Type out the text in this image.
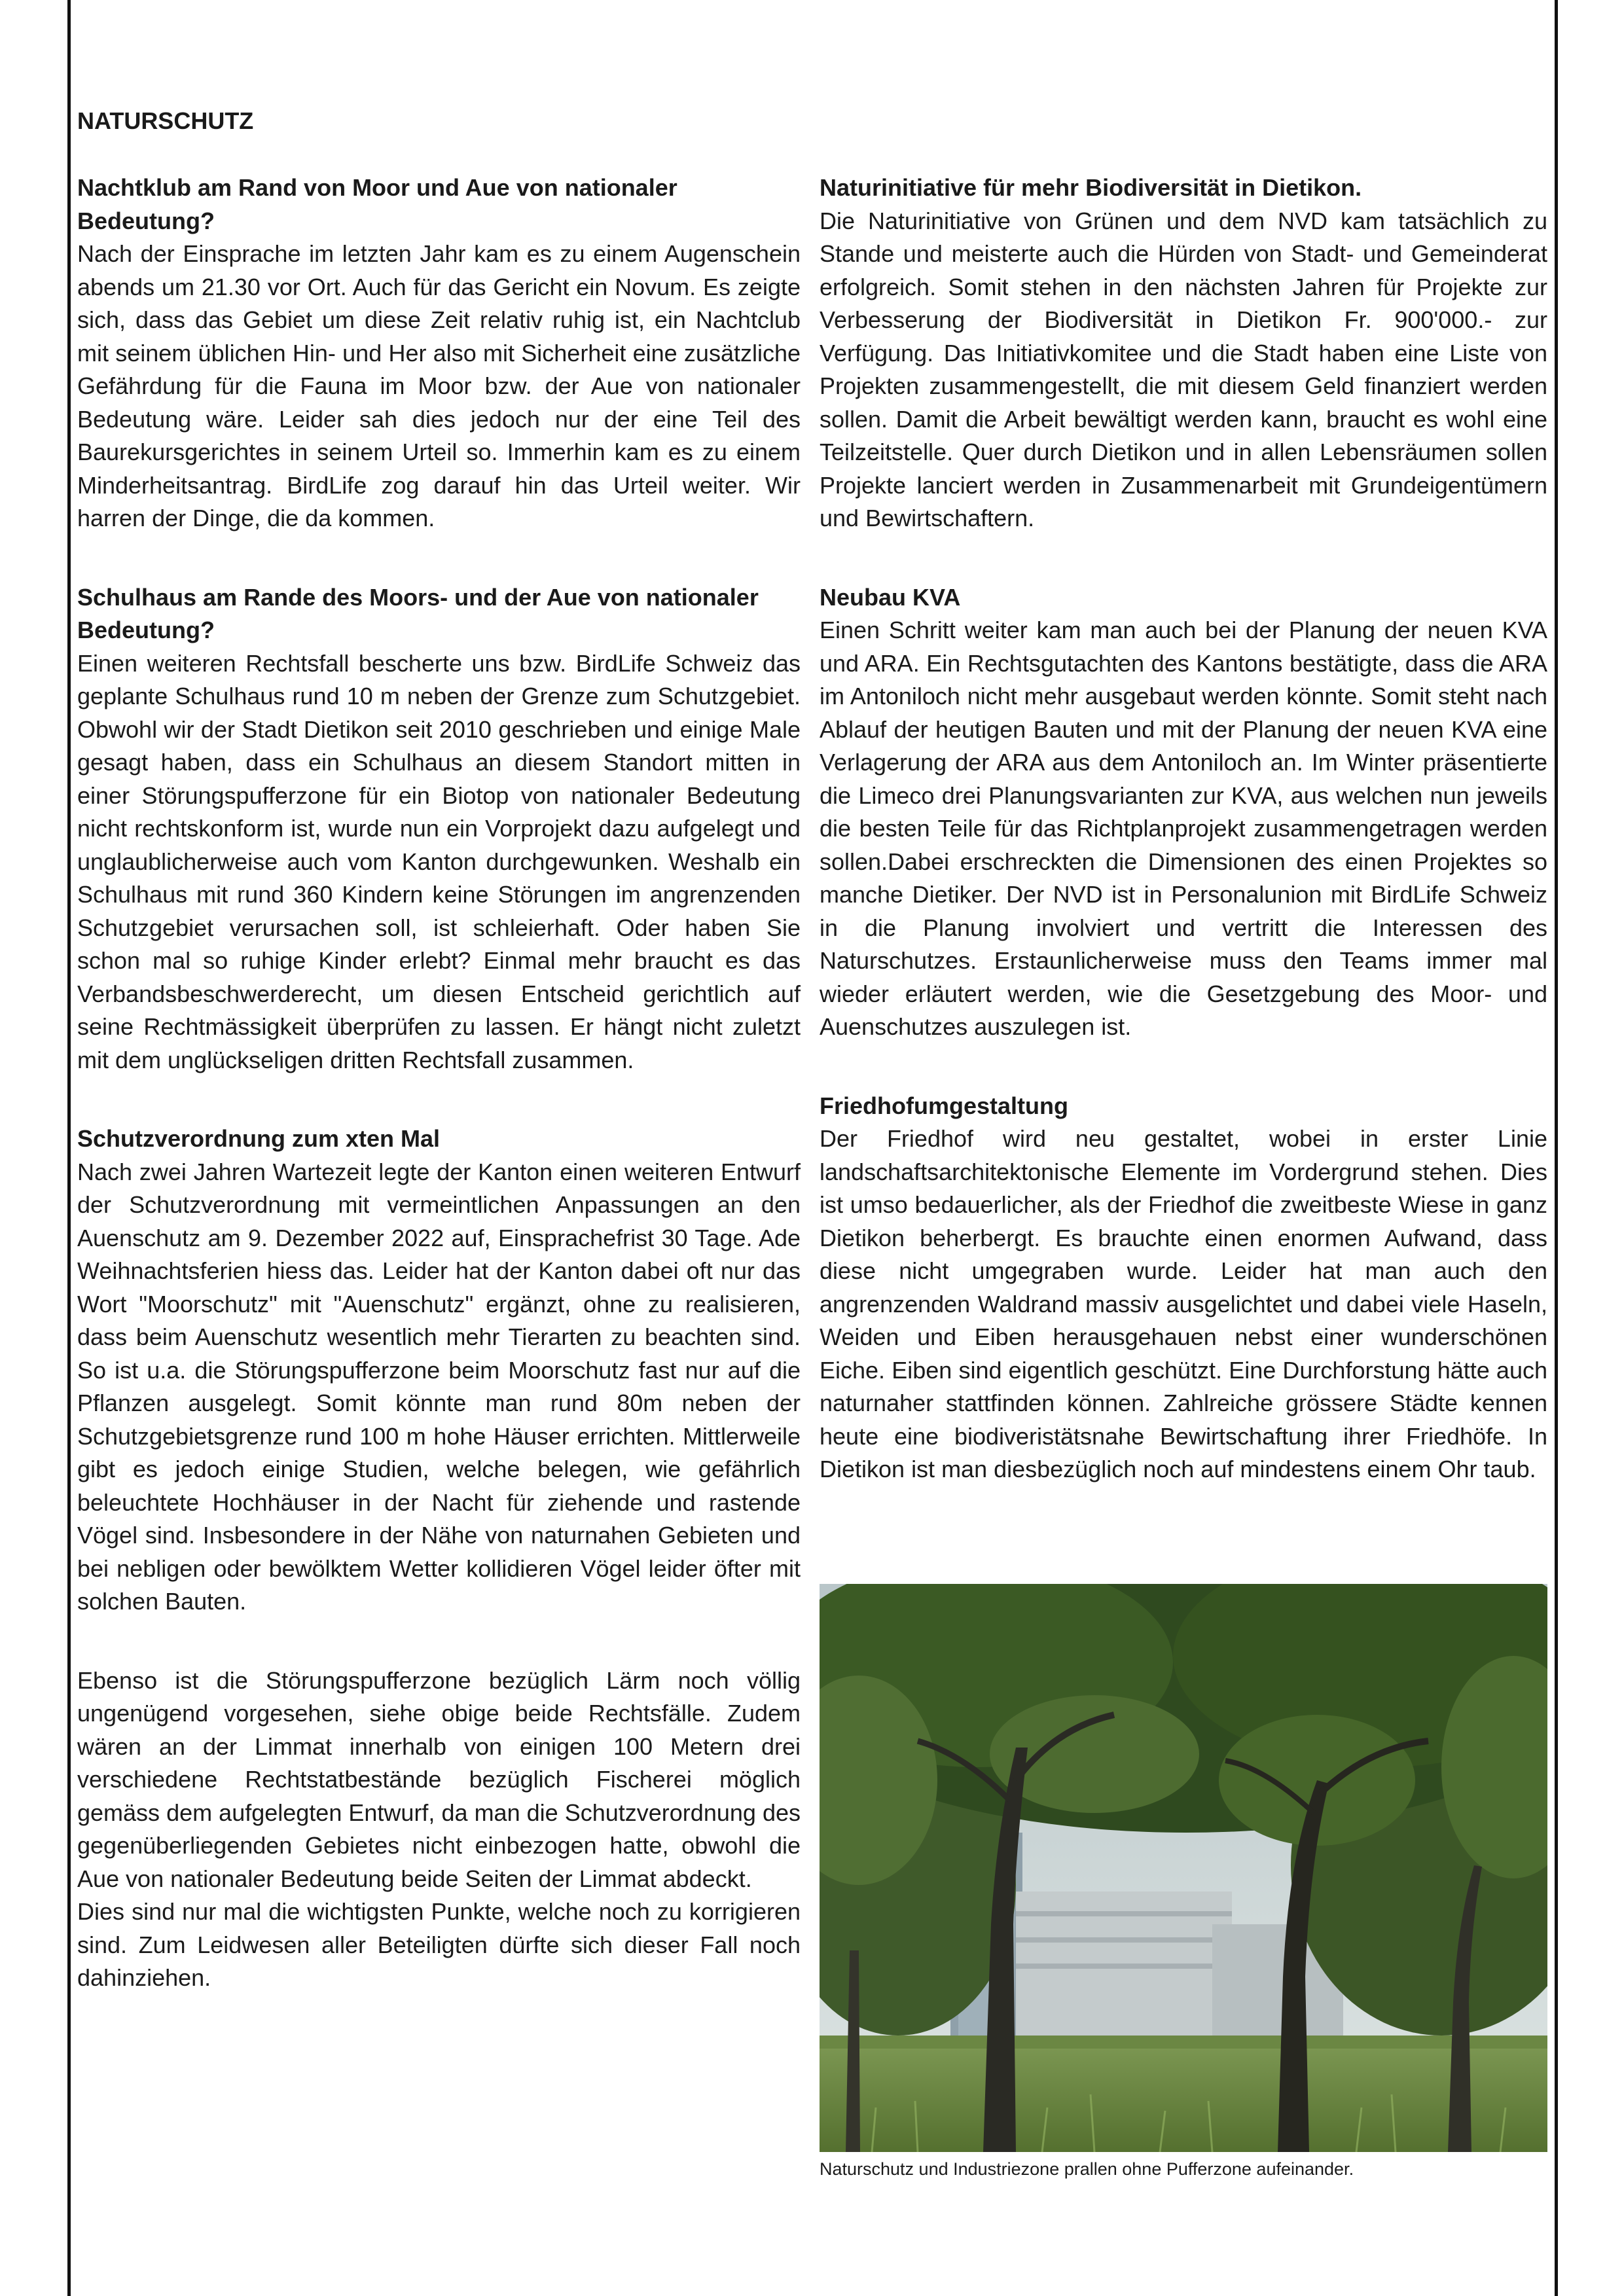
NATURSCHUTZ
Nachtklub am Rand von Moor und Aue von nationaler Bedeutung?

Nach der Einsprache im letzten Jahr kam es zu einem Augenschein abends um 21.30 vor Ort. Auch für das Gericht ein Novum. Es zeigte sich, dass das Gebiet um diese Zeit relativ ruhig ist, ein Nachtclub mit seinem üblichen Hin- und Her also mit Sicherheit eine zusätzliche Gefährdung für die Fauna im Moor bzw. der Aue von nationaler Bedeutung wäre. Leider sah dies jedoch nur der eine Teil des Baurekursgerichtes in seinem Urteil so. Immerhin kam es zu einem Minderheitsantrag. BirdLife zog darauf hin das Urteil weiter. Wir harren der Dinge, die da kommen.

Schulhaus am Rande des Moors- und der Aue von nationaler Bedeutung?

Einen weiteren Rechtsfall bescherte uns bzw. BirdLife Schweiz das geplante Schulhaus rund 10 m neben der Grenze zum Schutzgebiet. Obwohl wir der Stadt Dietikon seit 2010 geschrieben und einige Male gesagt haben, dass ein Schulhaus an diesem Standort mitten in einer Störungspufferzone für ein Biotop von nationaler Bedeutung nicht rechtskonform ist, wurde nun ein Vorprojekt dazu aufgelegt und unglaublicherweise auch vom Kanton durchgewunken. Weshalb ein Schulhaus mit rund 360 Kindern keine Störungen im angrenzenden Schutzgebiet verursachen soll, ist schleierhaft. Oder haben Sie schon mal so ruhige Kinder erlebt? Einmal mehr braucht es das Verbandsbeschwerderecht, um diesen Entscheid gerichtlich auf seine Rechtmässigkeit überprüfen zu lassen. Er hängt nicht zuletzt mit dem unglückseligen dritten Rechtsfall zusammen.

Schutzverordnung zum xten Mal

Nach zwei Jahren Wartezeit legte der Kanton einen weiteren Entwurf der Schutzverordnung mit vermeintlichen Anpassungen an den Auenschutz am 9. Dezember 2022 auf, Einsprachefrist 30 Tage. Ade Weihnachtsferien hiess das. Leider hat der Kanton dabei oft nur das Wort "Moorschutz" mit "Auenschutz" ergänzt, ohne zu realisieren, dass beim Auenschutz wesentlich mehr Tierarten zu beachten sind. So ist u.a. die Störungspufferzone beim Moorschutz fast nur auf die Pflanzen ausgelegt. Somit könnte man rund 80m neben der Schutzgebietsgrenze rund 100 m hohe Häuser errichten. Mittlerweile gibt es jedoch einige Studien, welche belegen, wie gefährlich beleuchtete Hochhäuser in der Nacht für ziehende und rastende Vögel sind. Insbesondere in der Nähe von naturnahen Gebieten und bei nebligen oder bewölktem Wetter kollidieren Vögel leider öfter mit solchen Bauten.

Ebenso ist die Störungspufferzone bezüglich Lärm noch völlig ungenügend vorgesehen, siehe obige beide Rechtsfälle. Zudem wären an der Limmat innerhalb von einigen 100 Metern drei verschiedene Rechtstatbestände bezüglich Fischerei möglich gemäss dem aufgelegten Entwurf, da man die Schutzverordnung des gegenüberliegenden Gebietes nicht einbezogen hatte, obwohl die Aue von nationaler Bedeutung beide Seiten der Limmat abdeckt.

Dies sind nur mal die wichtigsten Punkte, welche noch zu korrigieren sind. Zum Leidwesen aller Beteiligten dürfte sich dieser Fall noch dahinziehen.

Naturinitiative für mehr Biodiversität in Dietikon.

Die Naturinitiative von Grünen und dem NVD kam tatsächlich zu Stande und meisterte auch die Hürden von Stadt- und Gemeinderat erfolgreich. Somit stehen in den nächsten Jahren für Projekte zur Verbesserung der Biodiversität in Dietikon Fr. 900'000.- zur Verfügung. Das Initiativkomitee und die Stadt haben eine Liste von Projekten zusammengestellt, die mit diesem Geld finanziert werden sollen. Damit die Arbeit bewältigt werden kann, braucht es wohl eine Teilzeitstelle. Quer durch Dietikon und in allen Lebensräumen sollen Projekte lanciert werden in Zusammenarbeit mit Grundeigentümern und Bewirtschaftern.

Neubau KVA

Einen Schritt weiter kam man auch bei der Planung der neuen KVA und ARA. Ein Rechtsgutachten des Kantons bestätigte, dass die ARA im Antoniloch nicht mehr ausgebaut werden könnte. Somit steht nach Ablauf der heutigen Bauten und mit der Planung der neuen KVA eine Verlagerung der ARA aus dem Antoniloch an. Im Winter präsentierte die Limeco drei Planungsvarianten zur KVA, aus welchen nun jeweils die besten Teile für das Richtplanprojekt zusammengetragen werden sollen.Dabei erschreckten die Dimensionen des einen Projektes so manche Dietiker. Der NVD ist in Personalunion mit BirdLife Schweiz in die Planung involviert und vertritt die Interessen des Naturschutzes. Erstaunlicherweise muss den Teams immer mal wieder erläutert werden, wie die Gesetzgebung des Moor- und Auenschutzes auszulegen ist.

Friedhofumgestaltung

Der Friedhof wird neu gestaltet, wobei in erster Linie landschaftsarchitektonische Elemente im Vordergrund stehen. Dies ist umso bedauerlicher, als der Friedhof die zweitbeste Wiese in ganz Dietikon beherbergt. Es brauchte einen enormen Aufwand, dass diese nicht umgegraben wurde. Leider hat man auch den angrenzenden Waldrand massiv ausgelichtet und dabei viele Haseln, Weiden und Eiben herausgehauen nebst einer wunderschönen Eiche. Eiben sind eigentlich geschützt. Eine Durchforstung hätte auch naturnaher stattfinden können. Zahlreiche grössere Städte kennen heute eine biodiveristätsnahe Bewirtschaftung ihrer Friedhöfe. In Dietikon ist man diesbezüglich noch auf mindestens einem Ohr taub.

Naturschutz und Industriezone prallen ohne Pufferzone aufeinander.
